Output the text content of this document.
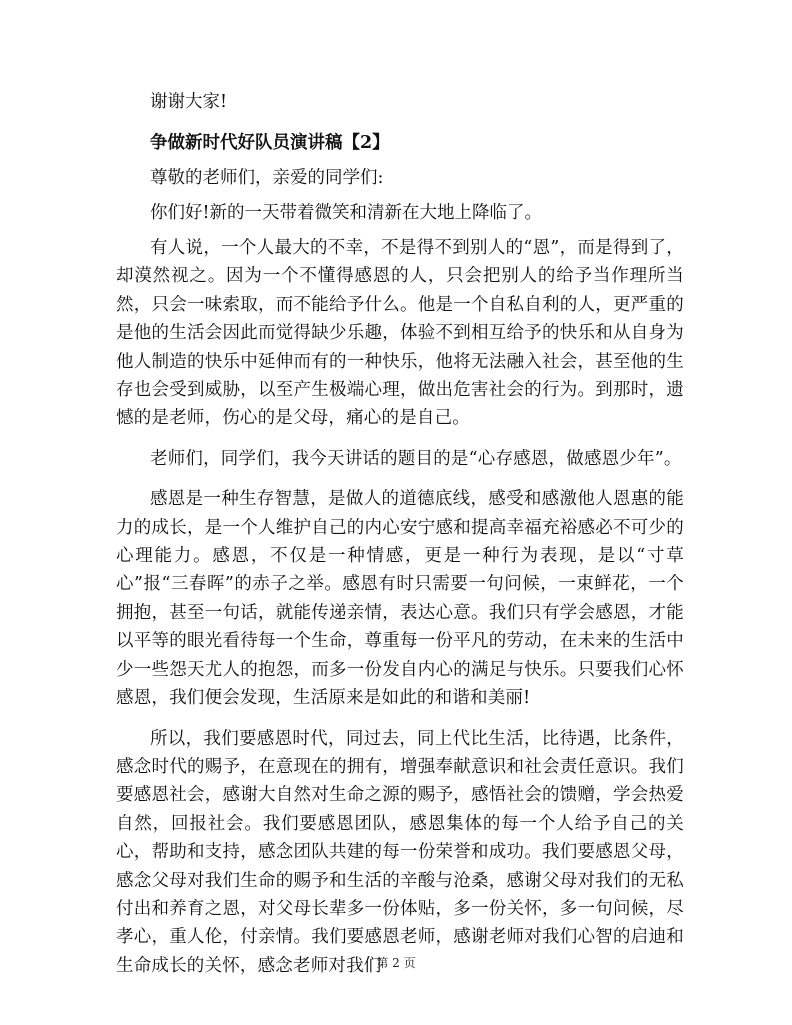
谢谢大家!

争做新时代好队员演讲稿【2】

尊敬的老师们，亲爱的同学们:

你们好!新的一天带着微笑和清新在大地上降临了。

有人说，一个人最大的不幸，不是得不到别人的“恩”，而是得到了，却漠然视之。因为一个不懂得感恩的人，只会把别人的给予当作理所当然，只会一味索取，而不能给予什么。他是一个自私自利的人，更严重的是他的生活会因此而觉得缺少乐趣，体验不到相互给予的快乐和从自身为他人制造的快乐中延伸而有的一种快乐，他将无法融入社会，甚至他的生存也会受到威胁，以至产生极端心理，做出危害社会的行为。到那时，遗憾的是老师，伤心的是父母，痛心的是自己。

老师们，同学们，我今天讲话的题目的是“心存感恩，做感恩少年”。

感恩是一种生存智慧，是做人的道德底线，感受和感激他人恩惠的能力的成长，是一个人维护自己的内心安宁感和提高幸福充裕感必不可少的心理能力。感恩，不仅是一种情感，更是一种行为表现，是以“寸草心”报“三春晖”的赤子之举。感恩有时只需要一句问候，一束鲜花，一个拥抱，甚至一句话，就能传递亲情，表达心意。我们只有学会感恩，才能以平等的眼光看待每一个生命，尊重每一份平凡的劳动，在未来的生活中少一些怨天尤人的抱怨，而多一份发自内心的满足与快乐。只要我们心怀感恩，我们便会发现，生活原来是如此的和谐和美丽!

所以，我们要感恩时代，同过去，同上代比生活，比待遇，比条件，感念时代的赐予，在意现在的拥有，增强奉献意识和社会责任意识。我们要感恩社会，感谢大自然对生命之源的赐予，感悟社会的馈赠，学会热爱自然，回报社会。我们要感恩团队，感恩集体的每一个人给予自己的关心，帮助和支持，感念团队共建的每一份荣誉和成功。我们要感恩父母，感念父母对我们生命的赐予和生活的辛酸与沧桑，感谢父母对我们的无私付出和养育之恩，对父母长辈多一份体贴，多一份关怀，多一句问候，尽孝心，重人伦，付亲情。我们要感恩老师，感谢老师对我们心智的启迪和生命成长的关怀，感念老师对我们

第 2 页
